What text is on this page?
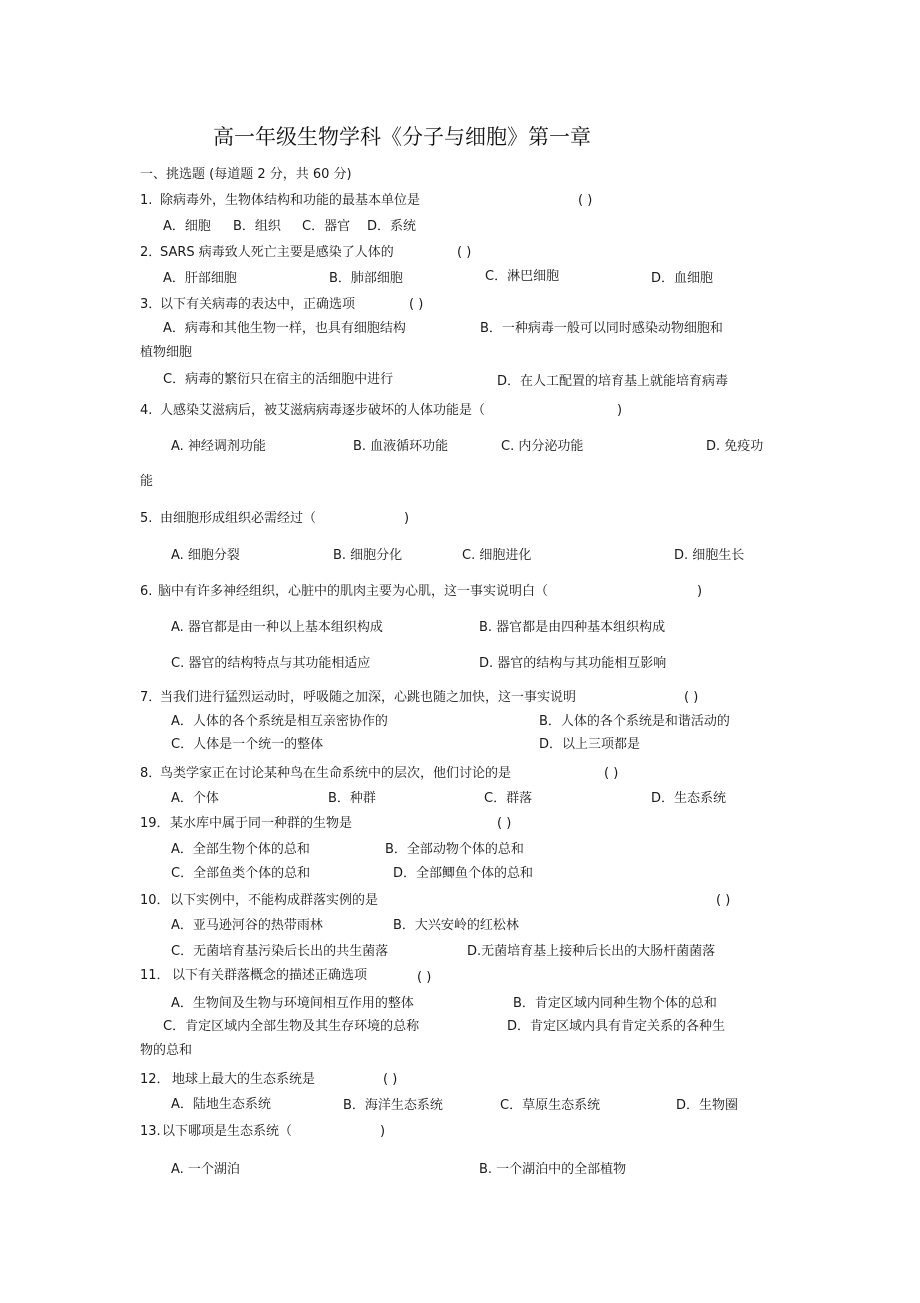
高一年级生物学科《分子与细胞》第一章
一、挑选题 (每道题 2 分，共 60 分)
1. 除病毒外，生物体结构和功能的最基本单位是	( )
A．细胞 B．组织 C．器官 D．系统
2．
SARS 病毒致人死亡主要是感染了人体的	( )
A．肝部细胞	B．肺部细胞	C．淋巴细胞	D．血细胞
3．
以下有关病毒的表达中，正确选项	( )
A．病毒和其他生物一样，也具有细胞结构	B．一种病毒一般可以同时感染动物细胞和
植物细胞
C．病毒的繁衍只在宿主的活细胞中进行	D．在人工配置的培育基上就能培育病毒
4. 人感染艾滋病后，被艾滋病病毒逐步破坏的人体功能是（	)
A. 神经调剂功能	B. 血液循环功能	C. 内分泌功能	D. 免疫功
能
5. 由细胞形成组织必需经过（	)
A. 细胞分裂	B. 细胞分化	C. 细胞进化	D. 细胞生长
6. 脑中有许多神经组织，心脏中的肌肉主要为心肌，这一事实说明白（	)
A. 器官都是由一种以上基本组织构成	B. 器官都是由四种基本组织构成
C. 器官的结构特点与其功能相适应	D. 器官的结构与其功能相互影响
7．
当我们进行猛烈运动时，呼吸随之加深，心跳也随之加快，这一事实说明	( )
A．人体的各个系统是相互亲密协作的	B．人体的各个系统是和谐活动的
C．人体是一个统一的整体	D．以上三项都是
8．
鸟类学家正在讨论某种鸟在生命系统中的层次，他们讨论的是	( )
A．个体	B．种群	C．群落	D．生态系统
19． 某水库中属于同一种群的生物是	( )
A．全部生物个体的总和	B．全部动物个体的总和
C．全部鱼类个体的总和	D．全部鲫鱼个体的总和
10． 以下实例中，不能构成群落实例的是	( )
A．亚马逊河谷的热带雨林	B．大兴安岭的红松林
C．无菌培育基污染后长出的共生菌落	D.无菌培育基上接种后长出的大肠杆菌菌落
11． 以下有关群落概念的描述正确选项	( )
A．生物间及生物与环境间相互作用的整体	B．肯定区域内同种生物个体的总和
C．肯定区域内全部生物及其生存环境的总称	D．肯定区域内具有肯定关系的各种生
物的总和
12． 地球上最大的生态系统是	( )
A．陆地生态系统	B．海洋生态系统	C．草原生态系统	D．生物圈
13. 以下哪项是生态系统（	)
A. 一个湖泊	B. 一个湖泊中的全部植物
